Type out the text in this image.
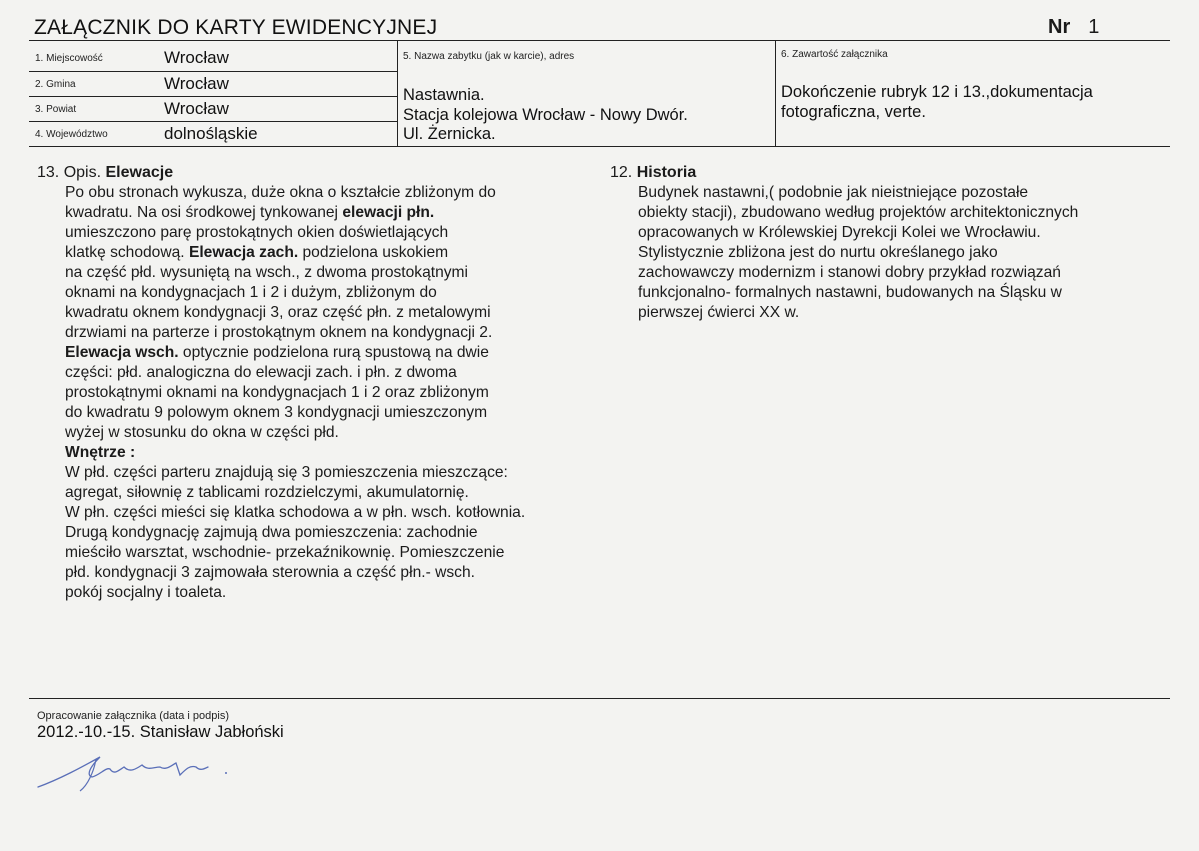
ZAŁĄCZNIK DO KARTY EWIDENCYJNEJ	Nr 1
1. Miejscowość	Wrocław
2. Gmina	Wrocław
3. Powiat	Wrocław
4. Województwo	dolnośląskie
5. Nazwa zabytku (jak w karcie), adres
Nastawnia.
Stacja kolejowa Wrocław - Nowy Dwór.
Ul. Żernicka.
6. Zawartość załącznika
Dokończenie rubryk 12 i 13.,dokumentacja
fotograficzna, verte.
13. Opis. Elewacje
Po obu stronach wykusza, duże okna o kształcie zbliżonym do
kwadratu. Na osi środkowej tynkowanej elewacji płn.
umieszczono parę prostokątnych okien doświetlających
klatkę schodową. Elewacja zach. podzielona uskokiem
na część płd. wysuniętą na wsch., z dwoma prostokątnymi
oknami na kondygnacjach 1 i 2 i dużym, zbliżonym do
kwadratu oknem kondygnacji 3, oraz część płn. z metalowymi
drzwiami na parterze i prostokątnym oknem na kondygnacji 2.
Elewacja wsch. optycznie podzielona rurą spustową na dwie
części: płd. analogiczna do elewacji zach. i płn. z dwoma
prostokątnymi oknami na kondygnacjach 1 i 2 oraz zbliżonym
do kwadratu 9 polowym oknem 3 kondygnacji umieszczonym
wyżej w stosunku do okna w części płd.
Wnętrze :
W płd. części parteru znajdują się 3 pomieszczenia mieszczące:
agregat, siłownię z tablicami rozdzielczymi, akumulatornię.
W płn. części mieści się klatka schodowa a w płn. wsch. kotłownia.
Drugą kondygnację zajmują dwa pomieszczenia: zachodnie
mieściło warsztat, wschodnie- przekaźnikownię. Pomieszczenie
płd. kondygnacji 3 zajmowała sterownia a część płn.- wsch.
pokój socjalny i toaleta.
12. Historia
Budynek nastawni,( podobnie jak nieistniejące pozostałe
obiekty stacji), zbudowano według projektów architektonicznych
opracowanych w Królewskiej Dyrekcji Kolei we Wrocławiu.
Stylistycznie zbliżona jest do nurtu określanego jako
zachowawczy modernizm i stanowi dobry przykład rozwiązań
funkcjonalno- formalnych nastawni, budowanych na Śląsku w
pierwszej ćwierci XX w.
Opracowanie załącznika (data i podpis)
2012.-10.-15. Stanisław Jabłoński
